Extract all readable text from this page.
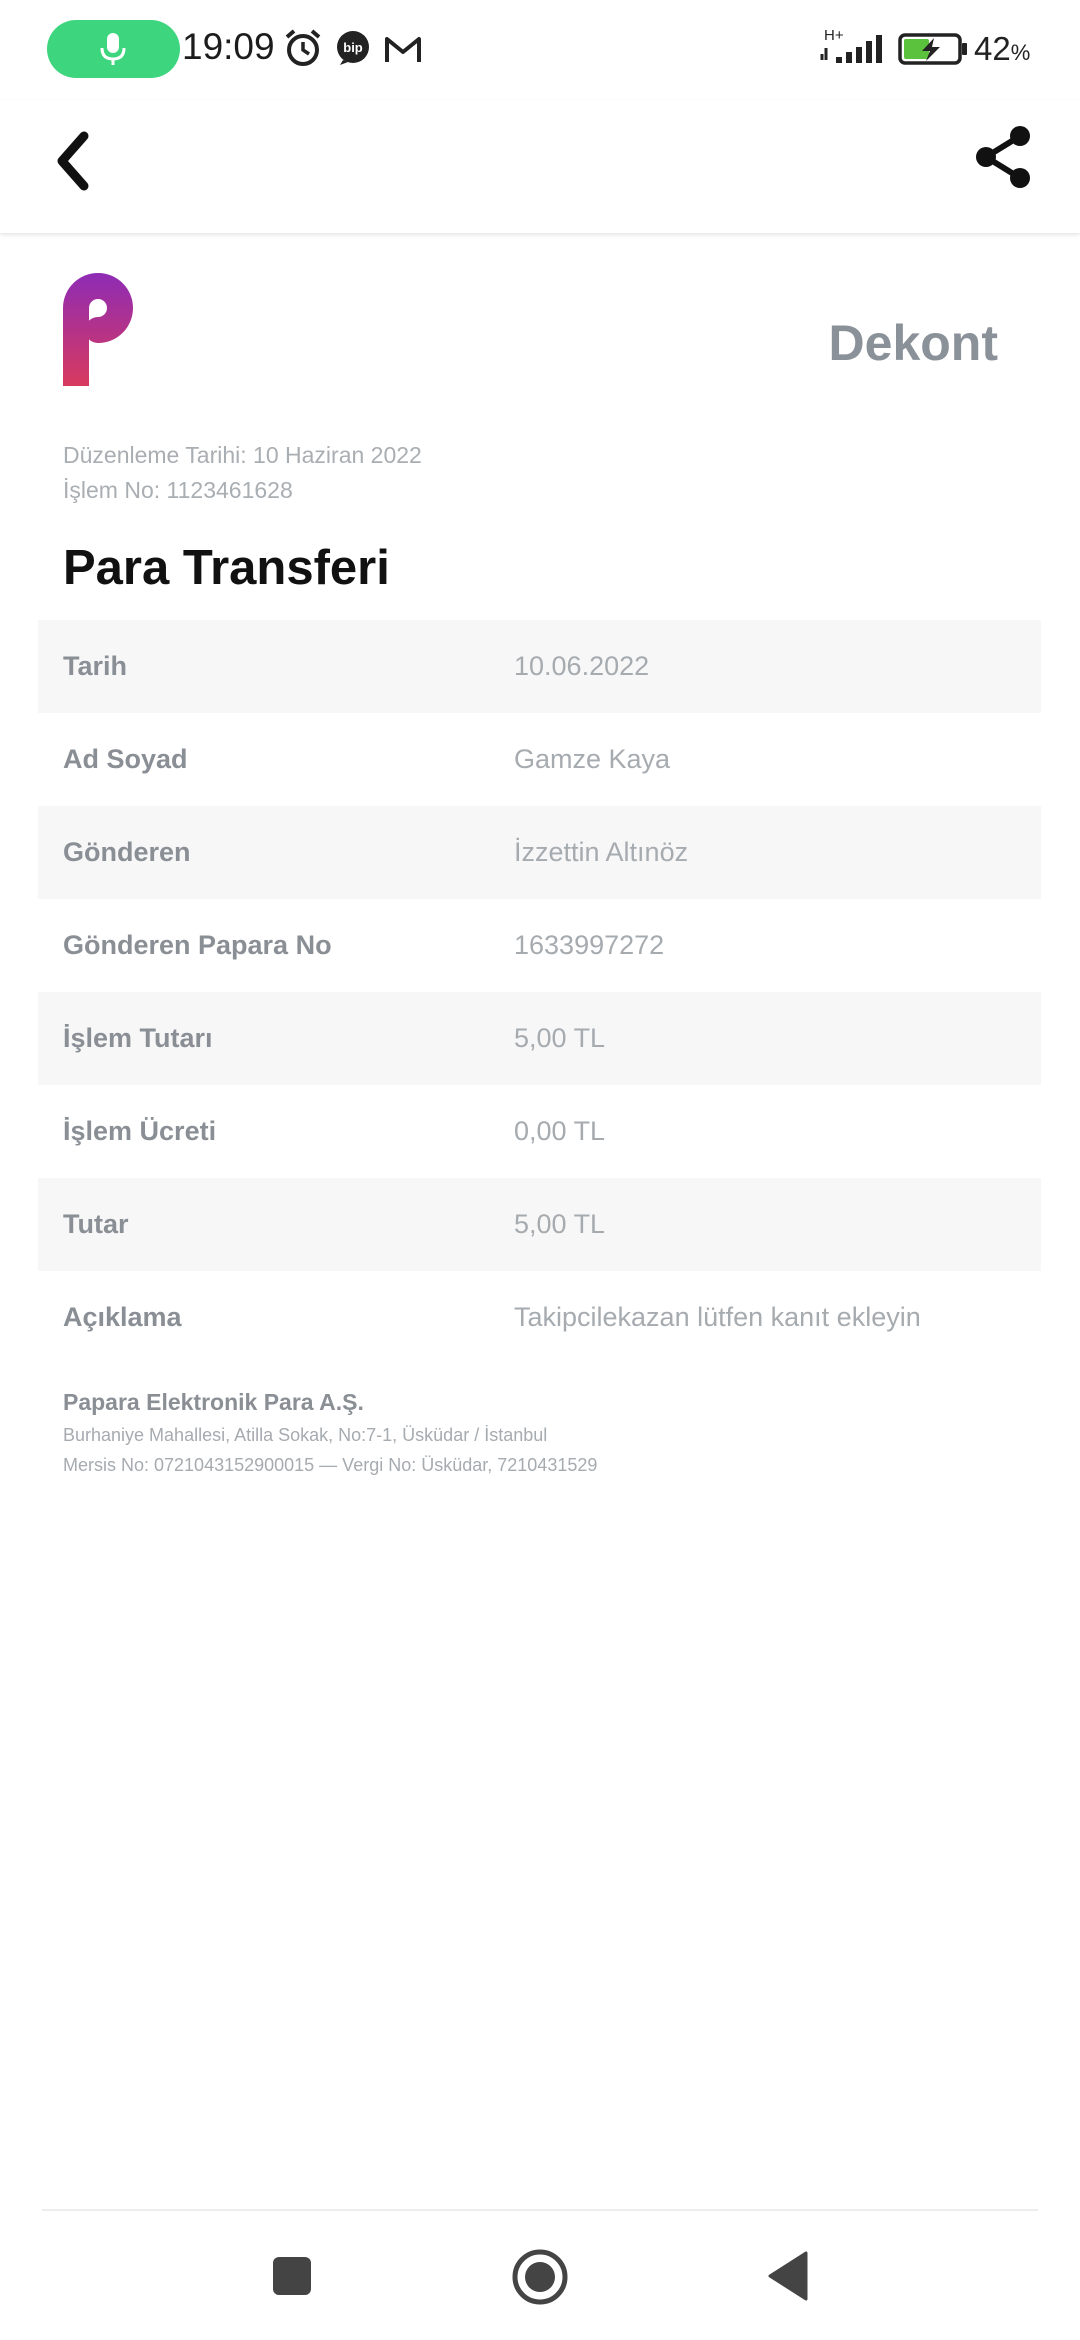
19:09	bip
H+	42%
Dekont
Düzenleme Tarihi: 10 Haziran 2022
İşlem No: 1123461628
Para Transferi
Tarih	10.06.2022
Ad Soyad	Gamze Kaya
Gönderen	İzzettin Altınöz
Gönderen Papara No	1633997272
İşlem Tutarı	5,00 TL
İşlem Ücreti	0,00 TL
Tutar	5,00 TL
Açıklama	Takipcilekazan lütfen kanıt ekleyin
Papara Elektronik Para A.Ş.
Burhaniye Mahallesi, Atilla Sokak, No:7-1, Üsküdar / İstanbul
Mersis No: 0721043152900015 — Vergi No: Üsküdar, 7210431529
